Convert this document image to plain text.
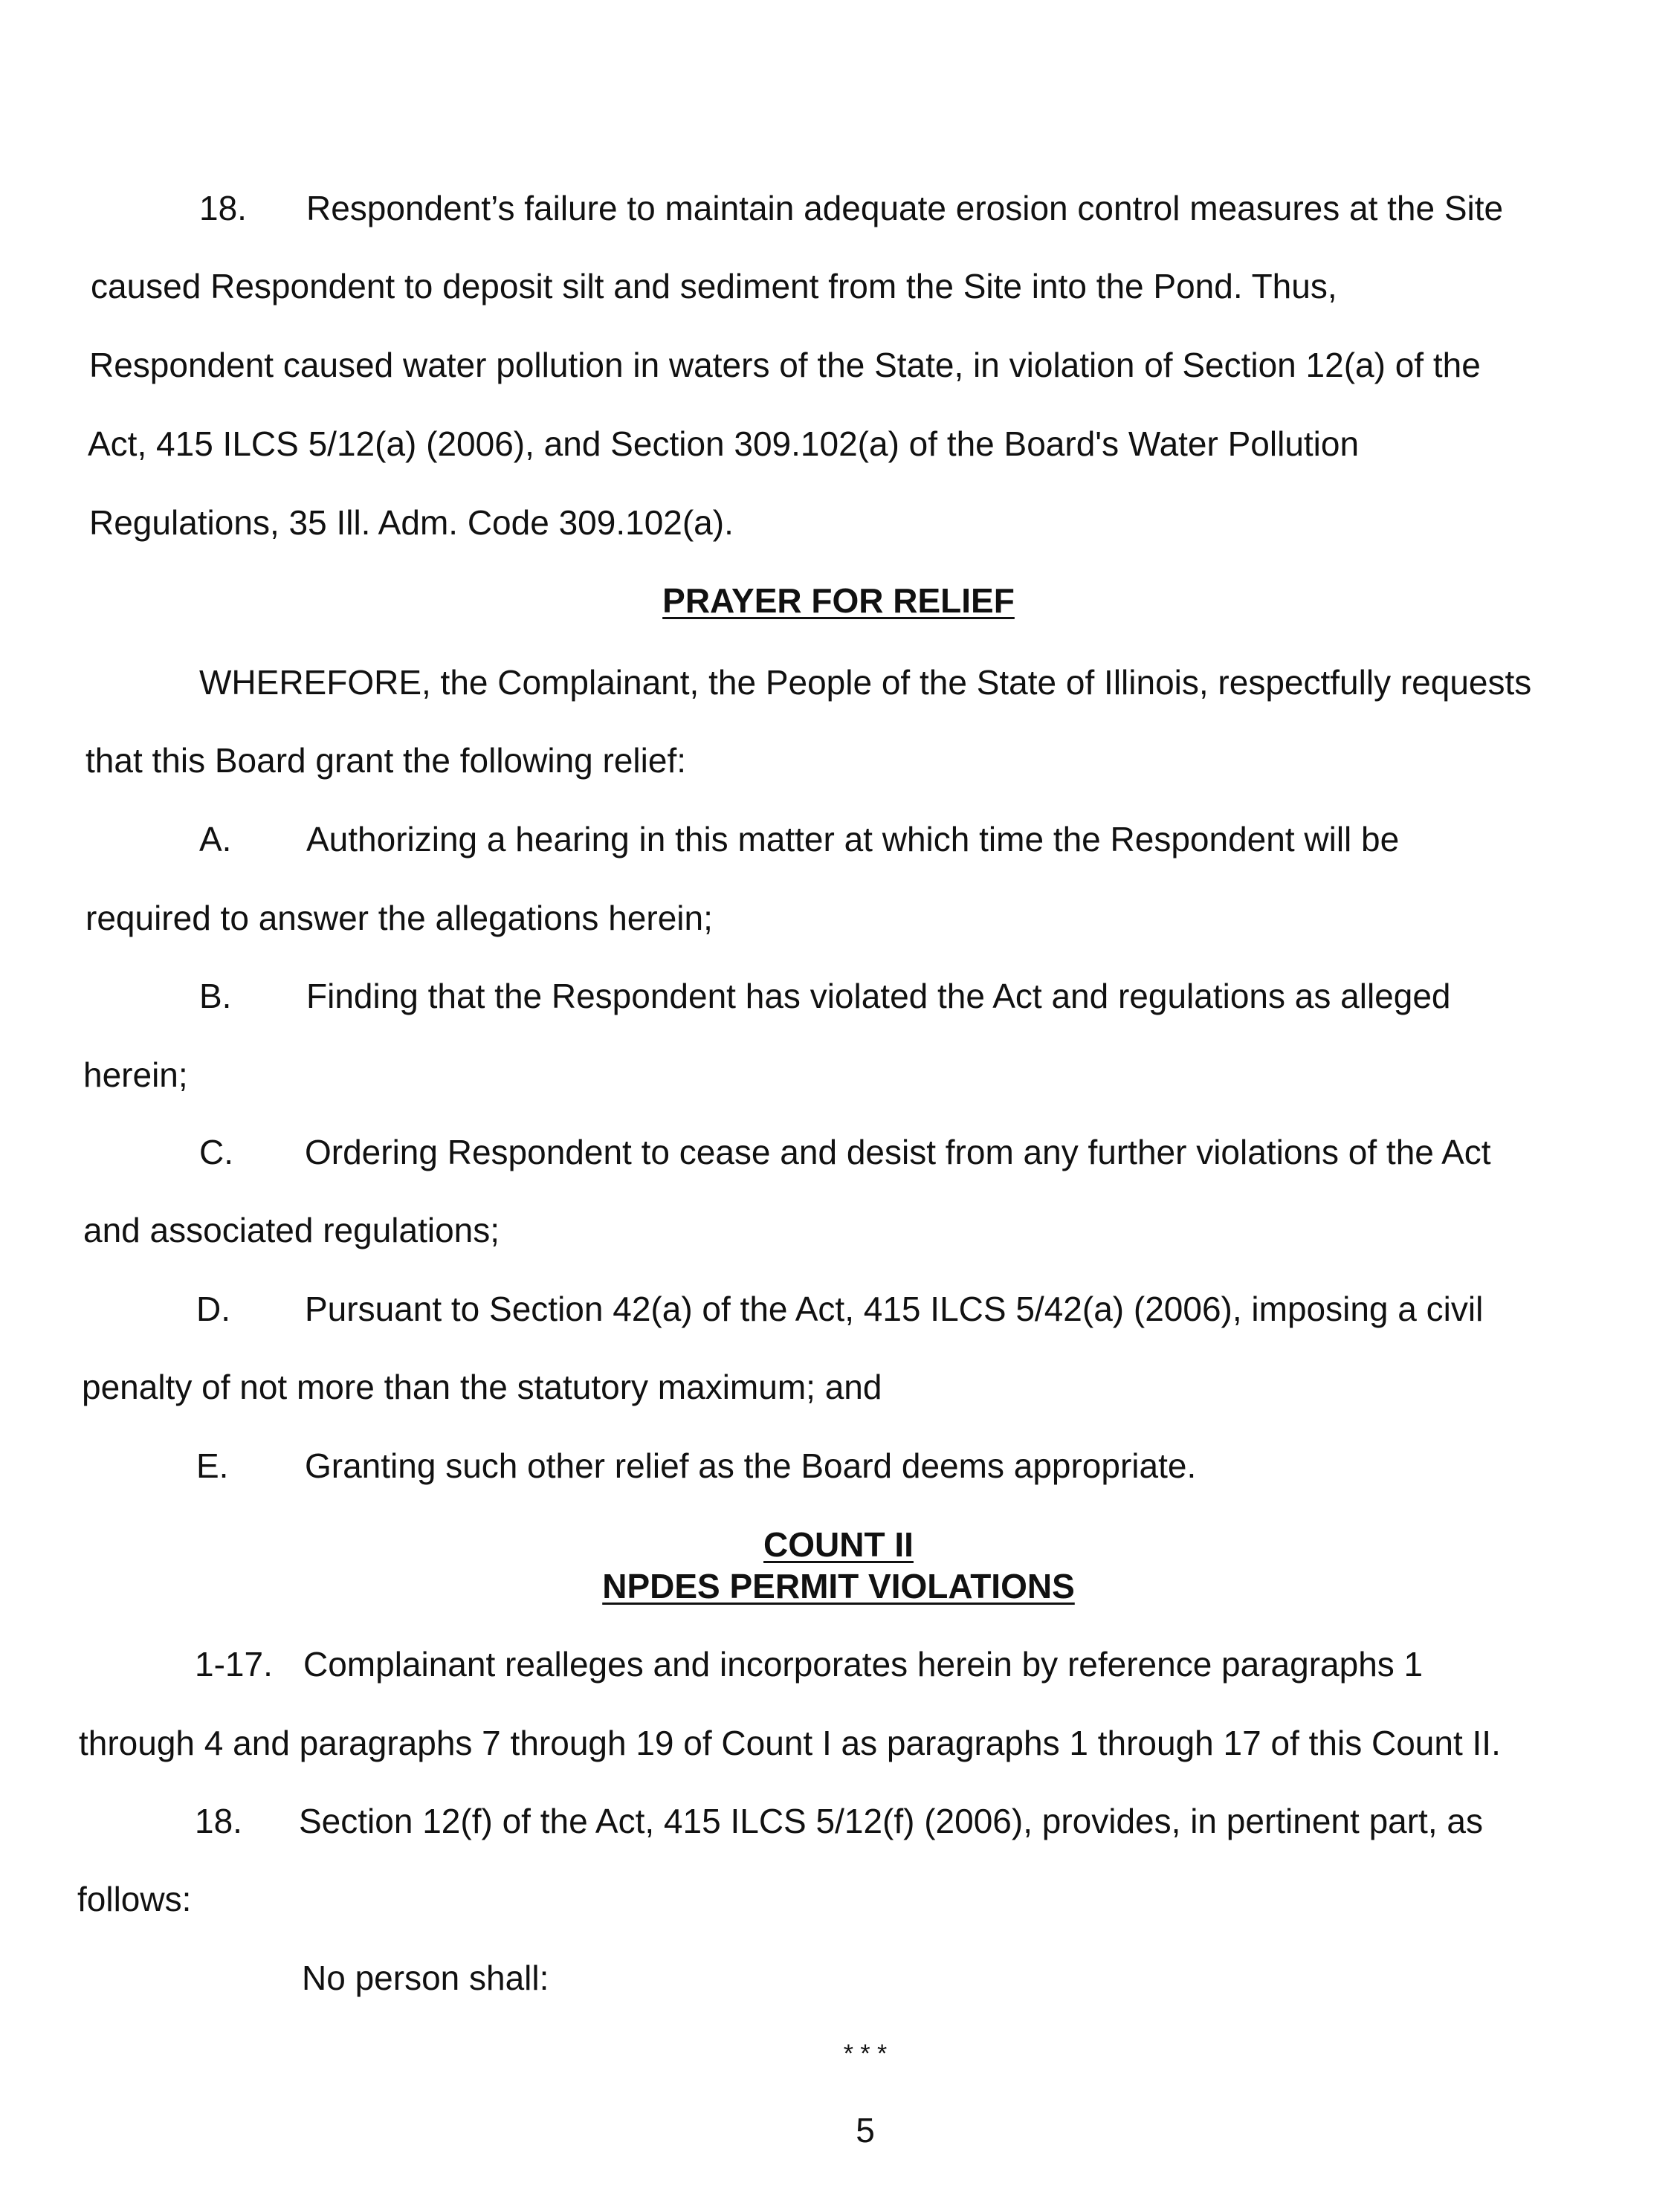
18. Respondent’s failure to maintain adequate erosion control measures at the Site
caused Respondent to deposit silt and sediment from the Site into the Pond. Thus,
Respondent caused water pollution in waters of the State, in violation of Section 12(a) of the
Act, 415 ILCS 5/12(a) (2006), and Section 309.102(a) of the Board's Water Pollution
Regulations, 35 Ill. Adm. Code 309.102(a).
PRAYER FOR RELIEF
WHEREFORE, the Complainant, the People of the State of Illinois, respectfully requests
that this Board grant the following relief:
A. Authorizing a hearing in this matter at which time the Respondent will be
required to answer the allegations herein;
B. Finding that the Respondent has violated the Act and regulations as alleged
herein;
C. Ordering Respondent to cease and desist from any further violations of the Act
and associated regulations;
D. Pursuant to Section 42(a) of the Act, 415 ILCS 5/42(a) (2006), imposing a civil
penalty of not more than the statutory maximum; and
E. Granting such other relief as the Board deems appropriate.
COUNT II
NPDES PERMIT VIOLATIONS
1-17. Complainant realleges and incorporates herein by reference paragraphs 1
through 4 and paragraphs 7 through 19 of Count I as paragraphs 1 through 17 of this Count II.
18. Section 12(f) of the Act, 415 ILCS 5/12(f) (2006), provides, in pertinent part, as
follows:
No person shall:
* * *
5
